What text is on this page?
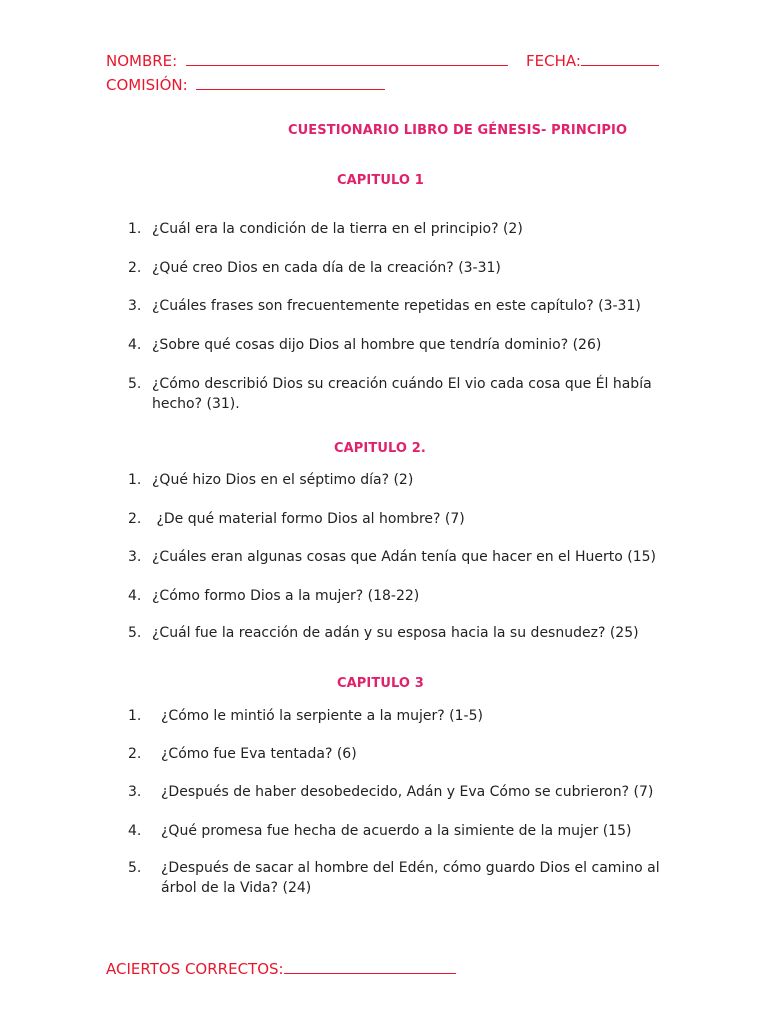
NOMBRE:	FECHA:
COMISIÓN:
CUESTIONARIO LIBRO DE GÉNESIS- PRINCIPIO
CAPITULO 1
1. ¿Cuál era la condición de la tierra en el principio? (2)
2. ¿Qué creo Dios en cada día de la creación? (3-31)
3. ¿Cuáles frases son frecuentemente repetidas en este capítulo? (3-31)
4. ¿Sobre qué cosas dijo Dios al hombre que tendría dominio? (26)
5. ¿Cómo describió Dios su creación cuándo El vio cada cosa que Él había hecho? (31).
CAPITULO 2.
1. ¿Qué hizo Dios en el séptimo día? (2)
2. ¿De qué material formo Dios al hombre? (7)
3. ¿Cuáles eran algunas cosas que Adán tenía que hacer en el Huerto (15)
4. ¿Cómo formo Dios a la mujer? (18-22)
5. ¿Cuál fue la reacción de adán y su esposa hacia la su desnudez? (25)
CAPITULO 3
1.	¿Cómo le mintió la serpiente a la mujer? (1-5)
2.	¿Cómo fue Eva tentada? (6)
3.	¿Después de haber desobedecido, Adán y Eva Cómo se cubrieron? (7)
4.	¿Qué promesa fue hecha de acuerdo a la simiente de la mujer (15)
5.	¿Después de sacar al hombre del Edén, cómo guardo Dios el camino al árbol de la Vida? (24)
ACIERTOS CORRECTOS:
